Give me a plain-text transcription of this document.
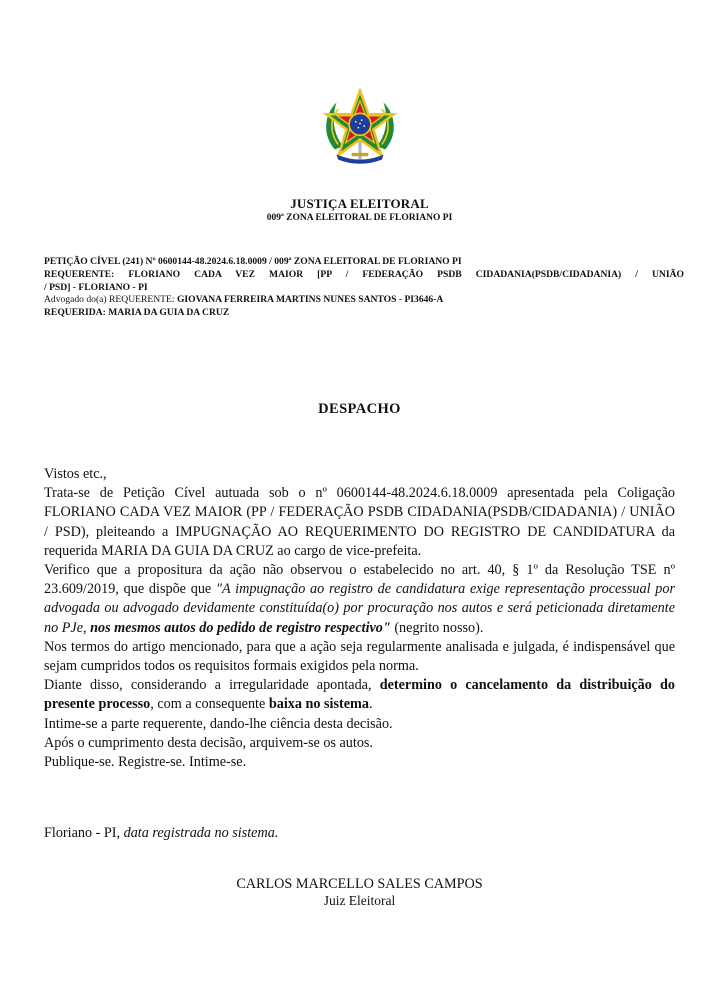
JUSTIÇA ELEITORAL
009ª ZONA ELEITORAL DE FLORIANO PI
PETIÇÃO CÍVEL (241) Nº 0600144-48.2024.6.18.0009 / 009ª ZONA ELEITORAL DE FLORIANO PI
REQUERENTE: FLORIANO CADA VEZ MAIOR [PP / FEDERAÇÃO PSDB CIDADANIA(PSDB/CIDADANIA) / UNIÃO
/ PSD] - FLORIANO - PI
Advogado do(a) REQUERENTE: GIOVANA FERREIRA MARTINS NUNES SANTOS - PI3646-A
REQUERIDA: MARIA DA GUIA DA CRUZ
DESPACHO

Vistos etc.,

Trata-se de Petição Cível autuada sob o nº 0600144-48.2024.6.18.0009 apresentada pela Coligação FLORIANO CADA VEZ MAIOR (PP / FEDERAÇÃO PSDB CIDADANIA(PSDB/CIDADANIA) / UNIÃO / PSD), pleiteando a IMPUGNAÇÃO AO REQUERIMENTO DO REGISTRO DE CANDIDATURA da requerida MARIA DA GUIA DA CRUZ ao cargo de vice-prefeita.

Verifico que a propositura da ação não observou o estabelecido no art. 40, § 1º da Resolução TSE nº 23.609/2019, que dispõe que "A impugnação ao registro de candidatura exige representação processual por advogada ou advogado devidamente constituída(o) por procuração nos autos e será peticionada diretamente no PJe, nos mesmos autos do pedido de registro respectivo" (negrito nosso).

Nos termos do artigo mencionado, para que a ação seja regularmente analisada e julgada, é indispensável que sejam cumpridos todos os requisitos formais exigidos pela norma.

Diante disso, considerando a irregularidade apontada, determino o cancelamento da distribuição do presente processo, com a consequente baixa no sistema.

Intime-se a parte requerente, dando-lhe ciência desta decisão.

Após o cumprimento desta decisão, arquivem-se os autos.

Publique-se. Registre-se. Intime-se.

Floriano - PI, data registrada no sistema.
CARLOS MARCELLO SALES CAMPOS
Juiz Eleitoral
